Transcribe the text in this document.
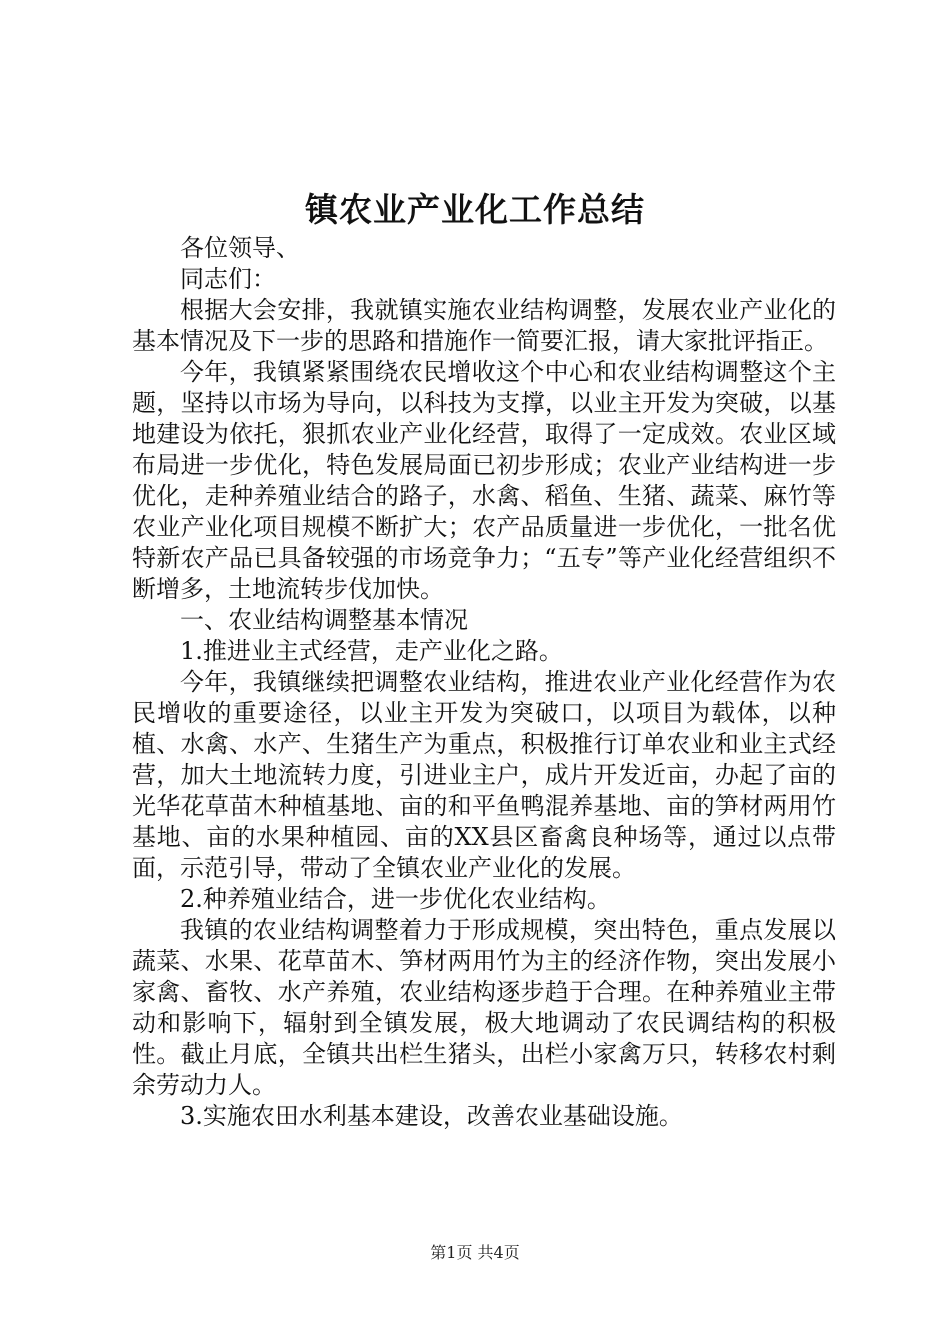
镇农业产业化工作总结

各位领导、

同志们：

根据大会安排，我就镇实施农业结构调整，发展农业产业化的基本情况及下一步的思路和措施作一简要汇报，请大家批评指正。

今年，我镇紧紧围绕农民增收这个中心和农业结构调整这个主题，坚持以市场为导向，以科技为支撑，以业主开发为突破，以基地建设为依托，狠抓农业产业化经营，取得了一定成效。农业区域布局进一步优化，特色发展局面已初步形成；农业产业结构进一步优化，走种养殖业结合的路子，水禽、稻鱼、生猪、蔬菜、麻竹等农业产业化项目规模不断扩大；农产品质量进一步优化，一批名优特新农产品已具备较强的市场竞争力；“五专”等产业化经营组织不断增多，土地流转步伐加快。

一、农业结构调整基本情况

1.推进业主式经营，走产业化之路。

今年，我镇继续把调整农业结构，推进农业产业化经营作为农民增收的重要途径，以业主开发为突破口，以项目为载体，以种植、水禽、水产、生猪生产为重点，积极推行订单农业和业主式经营，加大土地流转力度，引进业主户，成片开发近亩，办起了亩的光华花草苗木种植基地、亩的和平鱼鸭混养基地、亩的笋材两用竹基地、亩的水果种植园、亩的XX县区畜禽良种场等，通过以点带面，示范引导，带动了全镇农业产业化的发展。

2.种养殖业结合，进一步优化农业结构。

我镇的农业结构调整着力于形成规模，突出特色，重点发展以蔬菜、水果、花草苗木、笋材两用竹为主的经济作物，突出发展小家禽、畜牧、水产养殖，农业结构逐步趋于合理。在种养殖业主带动和影响下，辐射到全镇发展，极大地调动了农民调结构的积极性。截止月底，全镇共出栏生猪头，出栏小家禽万只，转移农村剩余劳动力人。

3.实施农田水利基本建设，改善农业基础设施。

第1页 共4页
